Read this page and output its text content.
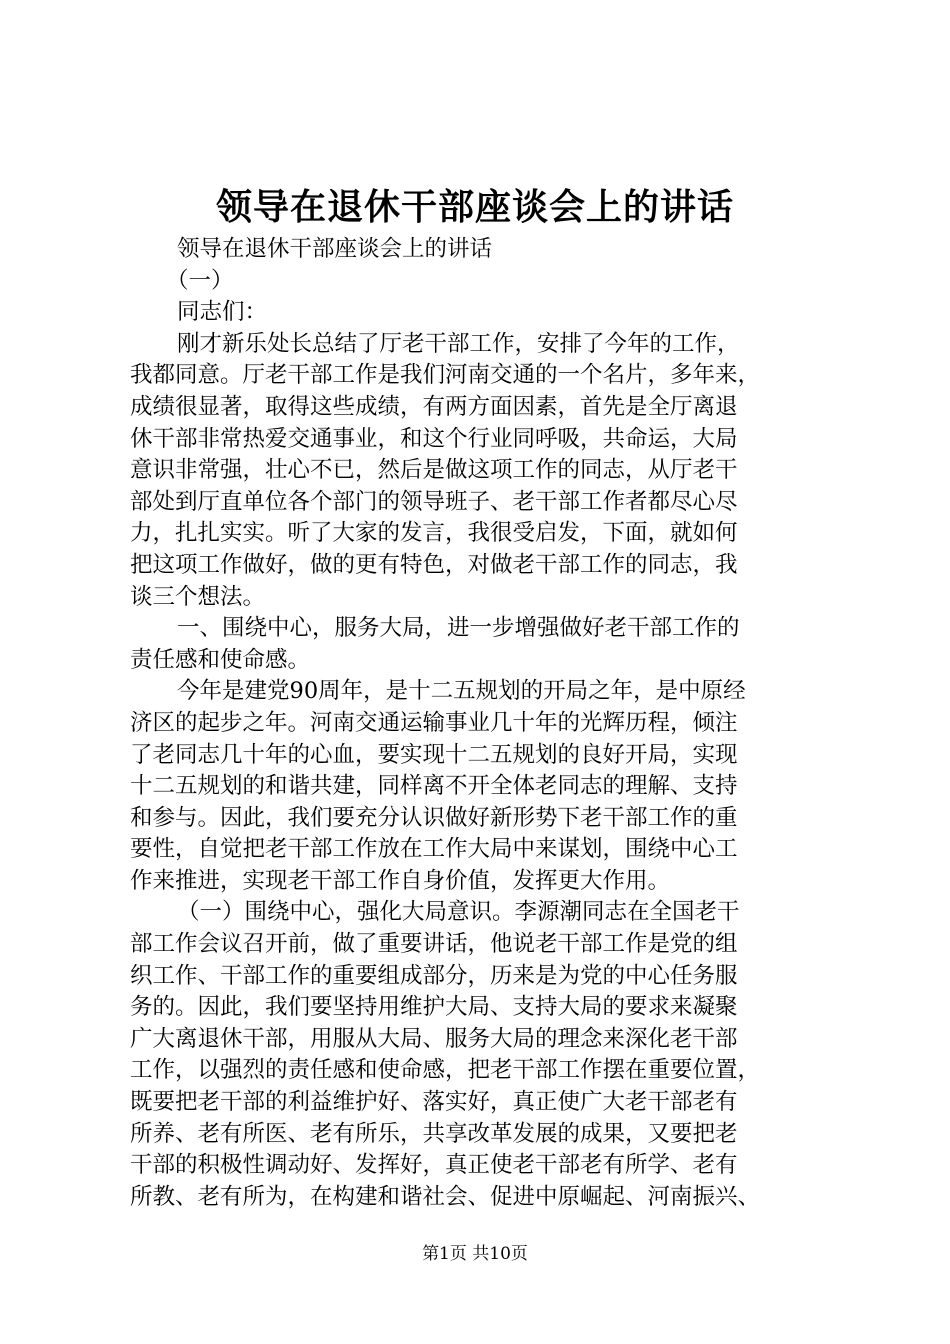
领导在退休干部座谈会上的讲话
领导在退休干部座谈会上的讲话
（一）
同志们：
刚才新乐处长总结了厅老干部工作，安排了今年的工作，
我都同意。厅老干部工作是我们河南交通的一个名片，多年来，
成绩很显著，取得这些成绩，有两方面因素，首先是全厅离退
休干部非常热爱交通事业，和这个行业同呼吸，共命运，大局
意识非常强，壮心不已，然后是做这项工作的同志，从厅老干
部处到厅直单位各个部门的领导班子、老干部工作者都尽心尽
力，扎扎实实。听了大家的发言，我很受启发，下面，就如何
把这项工作做好，做的更有特色，对做老干部工作的同志，我
谈三个想法。
一、围绕中心，服务大局，进一步增强做好老干部工作的
责任感和使命感。
今年是建党90周年，是十二五规划的开局之年，是中原经
济区的起步之年。河南交通运输事业几十年的光辉历程，倾注
了老同志几十年的心血，要实现十二五规划的良好开局，实现
十二五规划的和谐共建，同样离不开全体老同志的理解、支持
和参与。因此，我们要充分认识做好新形势下老干部工作的重
要性，自觉把老干部工作放在工作大局中来谋划，围绕中心工
作来推进，实现老干部工作自身价值，发挥更大作用。
（一）围绕中心，强化大局意识。李源潮同志在全国老干
部工作会议召开前，做了重要讲话，他说老干部工作是党的组
织工作、干部工作的重要组成部分，历来是为党的中心任务服
务的。因此，我们要坚持用维护大局、支持大局的要求来凝聚
广大离退休干部，用服从大局、服务大局的理念来深化老干部
工作，以强烈的责任感和使命感，把老干部工作摆在重要位置，
既要把老干部的利益维护好、落实好，真正使广大老干部老有
所养、老有所医、老有所乐，共享改革发展的成果，又要把老
干部的积极性调动好、发挥好，真正使老干部老有所学、老有
所教、老有所为，在构建和谐社会、促进中原崛起、河南振兴、
第1页 共10页
